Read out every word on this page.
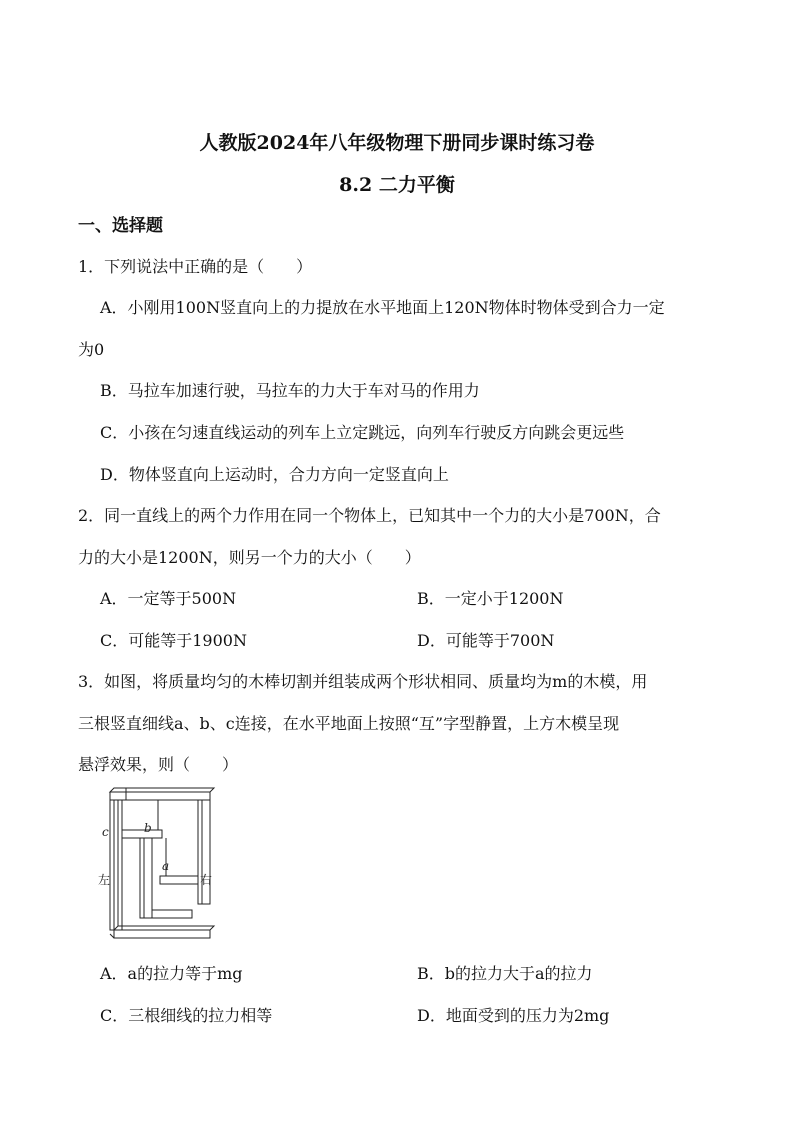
人教版2024年八年级物理下册同步课时练习卷
8.2 二力平衡
一、选择题
1．下列说法中正确的是（　　）
A．小刚用100N竖直向上的力提放在水平地面上120N物体时物体受到合力一定
为0
B．马拉车加速行驶，马拉车的力大于车对马的作用力
C．小孩在匀速直线运动的列车上立定跳远，向列车行驶反方向跳会更远些
D．物体竖直向上运动时，合力方向一定竖直向上
2．同一直线上的两个力作用在同一个物体上，已知其中一个力的大小是700N，合
力的大小是1200N，则另一个力的大小（　　）
A．一定等于500N	B．一定小于1200N
C．可能等于1900N	D．可能等于700N
3．如图，将质量均匀的木棒切割并组装成两个形状相同、质量均为m的木模，用
三根竖直细线a、b、c连接，在水平地面上按照“互”字型静置，上方木模呈现
悬浮效果，则（　　）
c	b
a
左	右
A．a的拉力等于mg	B．b的拉力大于a的拉力
C．三根细线的拉力相等	D．地面受到的压力为2mg
